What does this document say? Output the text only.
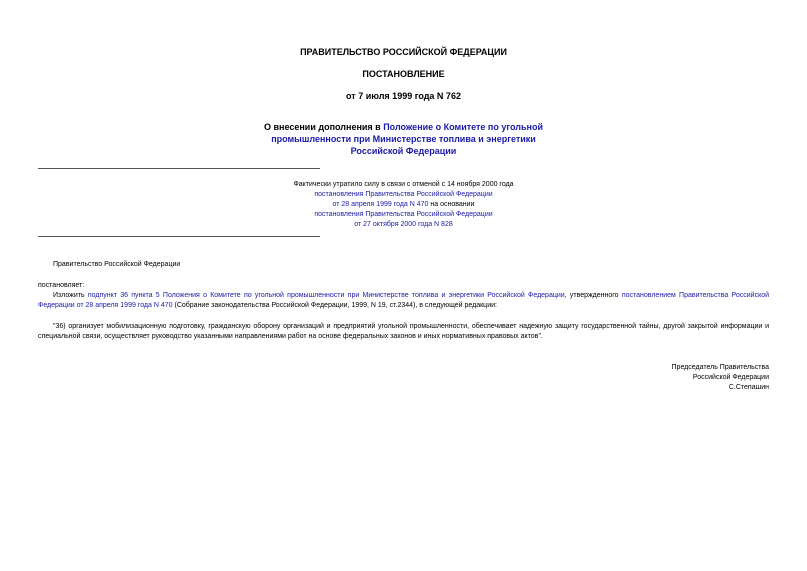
ПРАВИТЕЛЬСТВО РОССИЙСКОЙ ФЕДЕРАЦИИ
ПОСТАНОВЛЕНИЕ
от 7 июля 1999 года N 762
О внесении дополнения в Положение о Комитете по угольной
промышленности при Министерстве топлива и энергетики
Российской Федерации
Фактически утратило силу в связи с отменой с 14 ноября 2000 года
постановления Правительства Российской Федерации
от 28 апреля 1999 года N 470 на основании
постановления Правительства Российской Федерации
от 27 октября 2000 года N 828
Правительство Российской Федерации
постановляет:
Изложить подпункт 36 пункта 5 Положения о Комитете по угольной промышленности при Министерстве топлива и энергетики Российской Федерации, утвержденного постановлением Правительства Российской Федерации от 28 апреля 1999 года N 470 (Собрание законодательства Российской Федерации, 1999, N 19, ст.2344), в следующей редакции:
"36) организует мобилизационную подготовку, гражданскую оборону организаций и предприятий угольной промышленности, обеспечивает надежную защиту государственной тайны, другой закрытой информации и специальной связи, осуществляет руководство указанными направлениями работ на основе федеральных законов и иных нормативных правовых актов".
Председатель Правительства
Российской Федерации
С.Степашин
